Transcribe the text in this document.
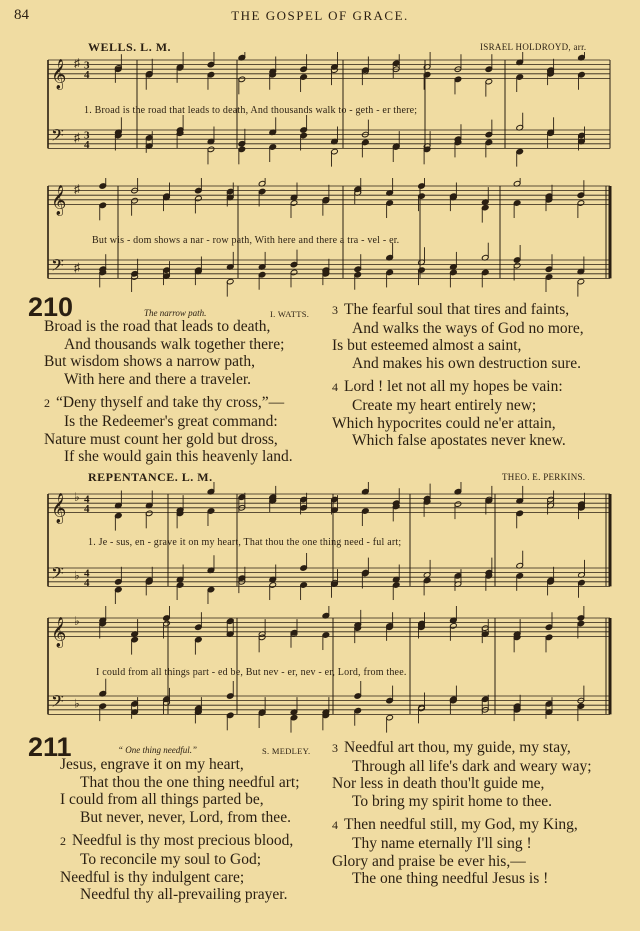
84	THE GOSPEL OF GRACE.
WELLS. L. M.	ISRAEL HOLDROYD, arr.
𝄞 ♯ 3
4
𝄢 ♯ 3
4
1. Broad is the road that leads to death, And thousands walk to - geth - er there;
𝄞 ♯
𝄢 ♯
But wis - dom shows a nar - row path, With here and there a tra - vel - er.
210	The narrow path.	I. WATTS.
Broad is the road that leads to death,
And thousands walk together there;
But wisdom shows a narrow path,
With here and there a traveler.

2 “Deny thyself and take thy cross,”—
Is the Redeemer's great command:
Nature must count her gold but dross,
If she would gain this heavenly land.
3 The fearful soul that tires and faints,
And walks the ways of God no more,
Is but esteemed almost a saint,
And makes his own destruction sure.

4 Lord ! let not all my hopes be vain:
Create my heart entirely new;
Which hypocrites could ne'er attain,
Which false apostates never knew.
REPENTANCE. L. M.	THEO. E. PERKINS.
𝄞 ♭ 4
4
𝄢 ♭ 4
4
1. Je - sus, en - grave it on my heart, That thou the one thing need - ful art;
𝄞 ♭
𝄢 ♭
I could from all things part - ed be, But nev - er, nev - er, Lord, from thee.
211	“ One thing needful.”	S. MEDLEY.
Jesus, engrave it on my heart,
That thou the one thing needful art;
I could from all things parted be,
But never, never, Lord, from thee.

2 Needful is thy most precious blood,
To reconcile my soul to God;
Needful is thy indulgent care;
Needful thy all-prevailing prayer.
3 Needful art thou, my guide, my stay,
Through all life's dark and weary way;
Nor less in death thou'lt guide me,
To bring my spirit home to thee.

4 Then needful still, my God, my King,
Thy name eternally I'll sing !
Glory and praise be ever his,—
The one thing needful Jesus is !
